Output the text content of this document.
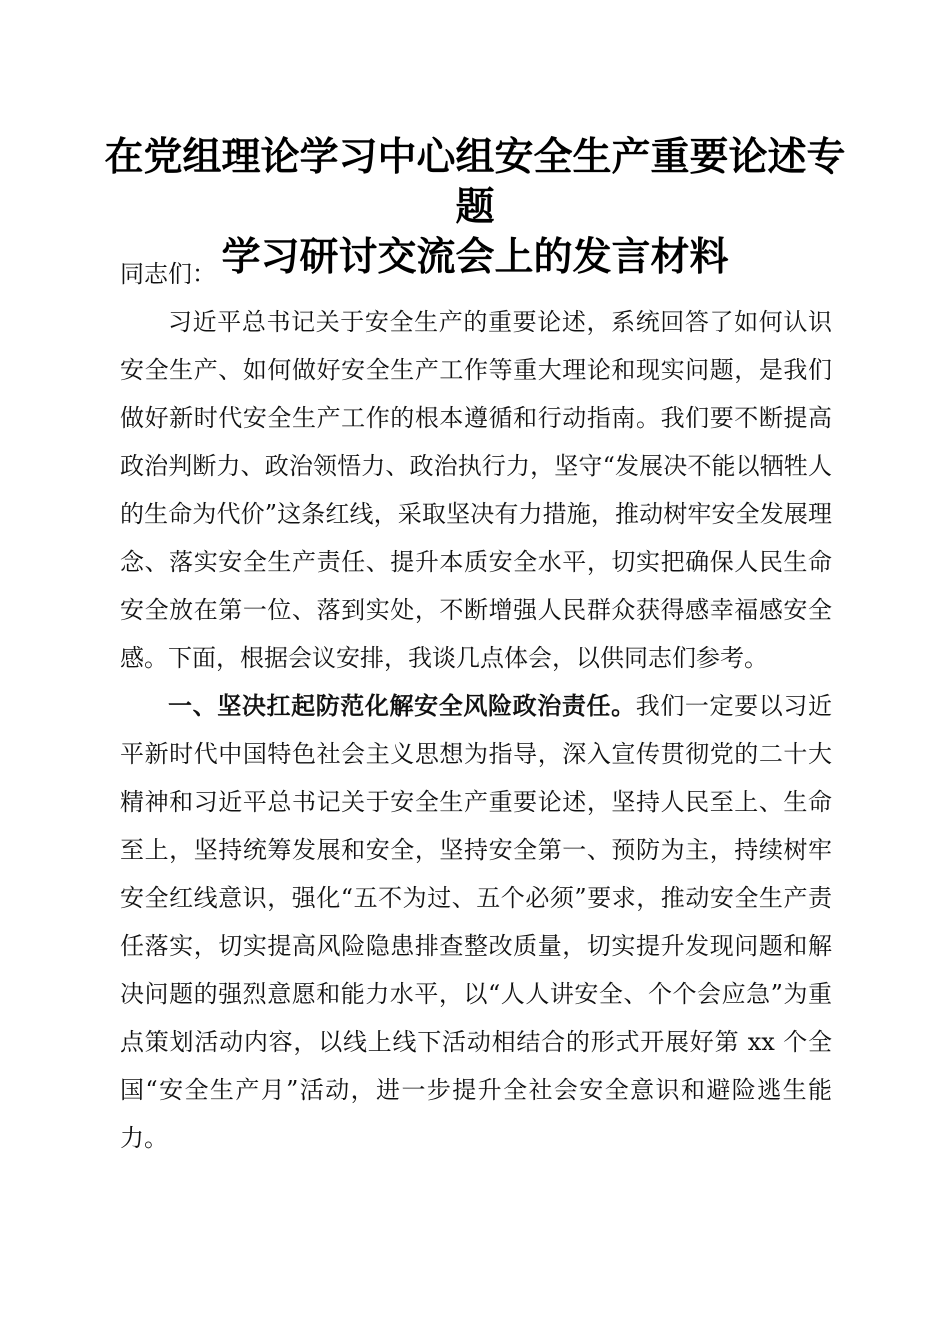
在党组理论学习中心组安全生产重要论述专题
学习研讨交流会上的发言材料

同志们：

习近平总书记关于安全生产的重要论述，系统回答了如何认识安全生产、如何做好安全生产工作等重大理论和现实问题，是我们做好新时代安全生产工作的根本遵循和行动指南。我们要不断提高政治判断力、政治领悟力、政治执行力，坚守“发展决不能以牺牲人的生命为代价”这条红线，采取坚决有力措施，推动树牢安全发展理念、落实安全生产责任、提升本质安全水平，切实把确保人民生命安全放在第一位、落到实处，不断增强人民群众获得感幸福感安全感。下面，根据会议安排，我谈几点体会，以供同志们参考。

一、坚决扛起防范化解安全风险政治责任。我们一定要以习近平新时代中国特色社会主义思想为指导，深入宣传贯彻党的二十大精神和习近平总书记关于安全生产重要论述，坚持人民至上、生命至上，坚持统筹发展和安全，坚持安全第一、预防为主，持续树牢安全红线意识，强化“五不为过、五个必须”要求，推动安全生产责任落实，切实提高风险隐患排查整改质量，切实提升发现问题和解决问题的强烈意愿和能力水平，以“人人讲安全、个个会应急”为重点策划活动内容，以线上线下活动相结合的形式开展好第 xx 个全国“安全生产月”活动，进一步提升全社会安全意识和避险逃生能力。
